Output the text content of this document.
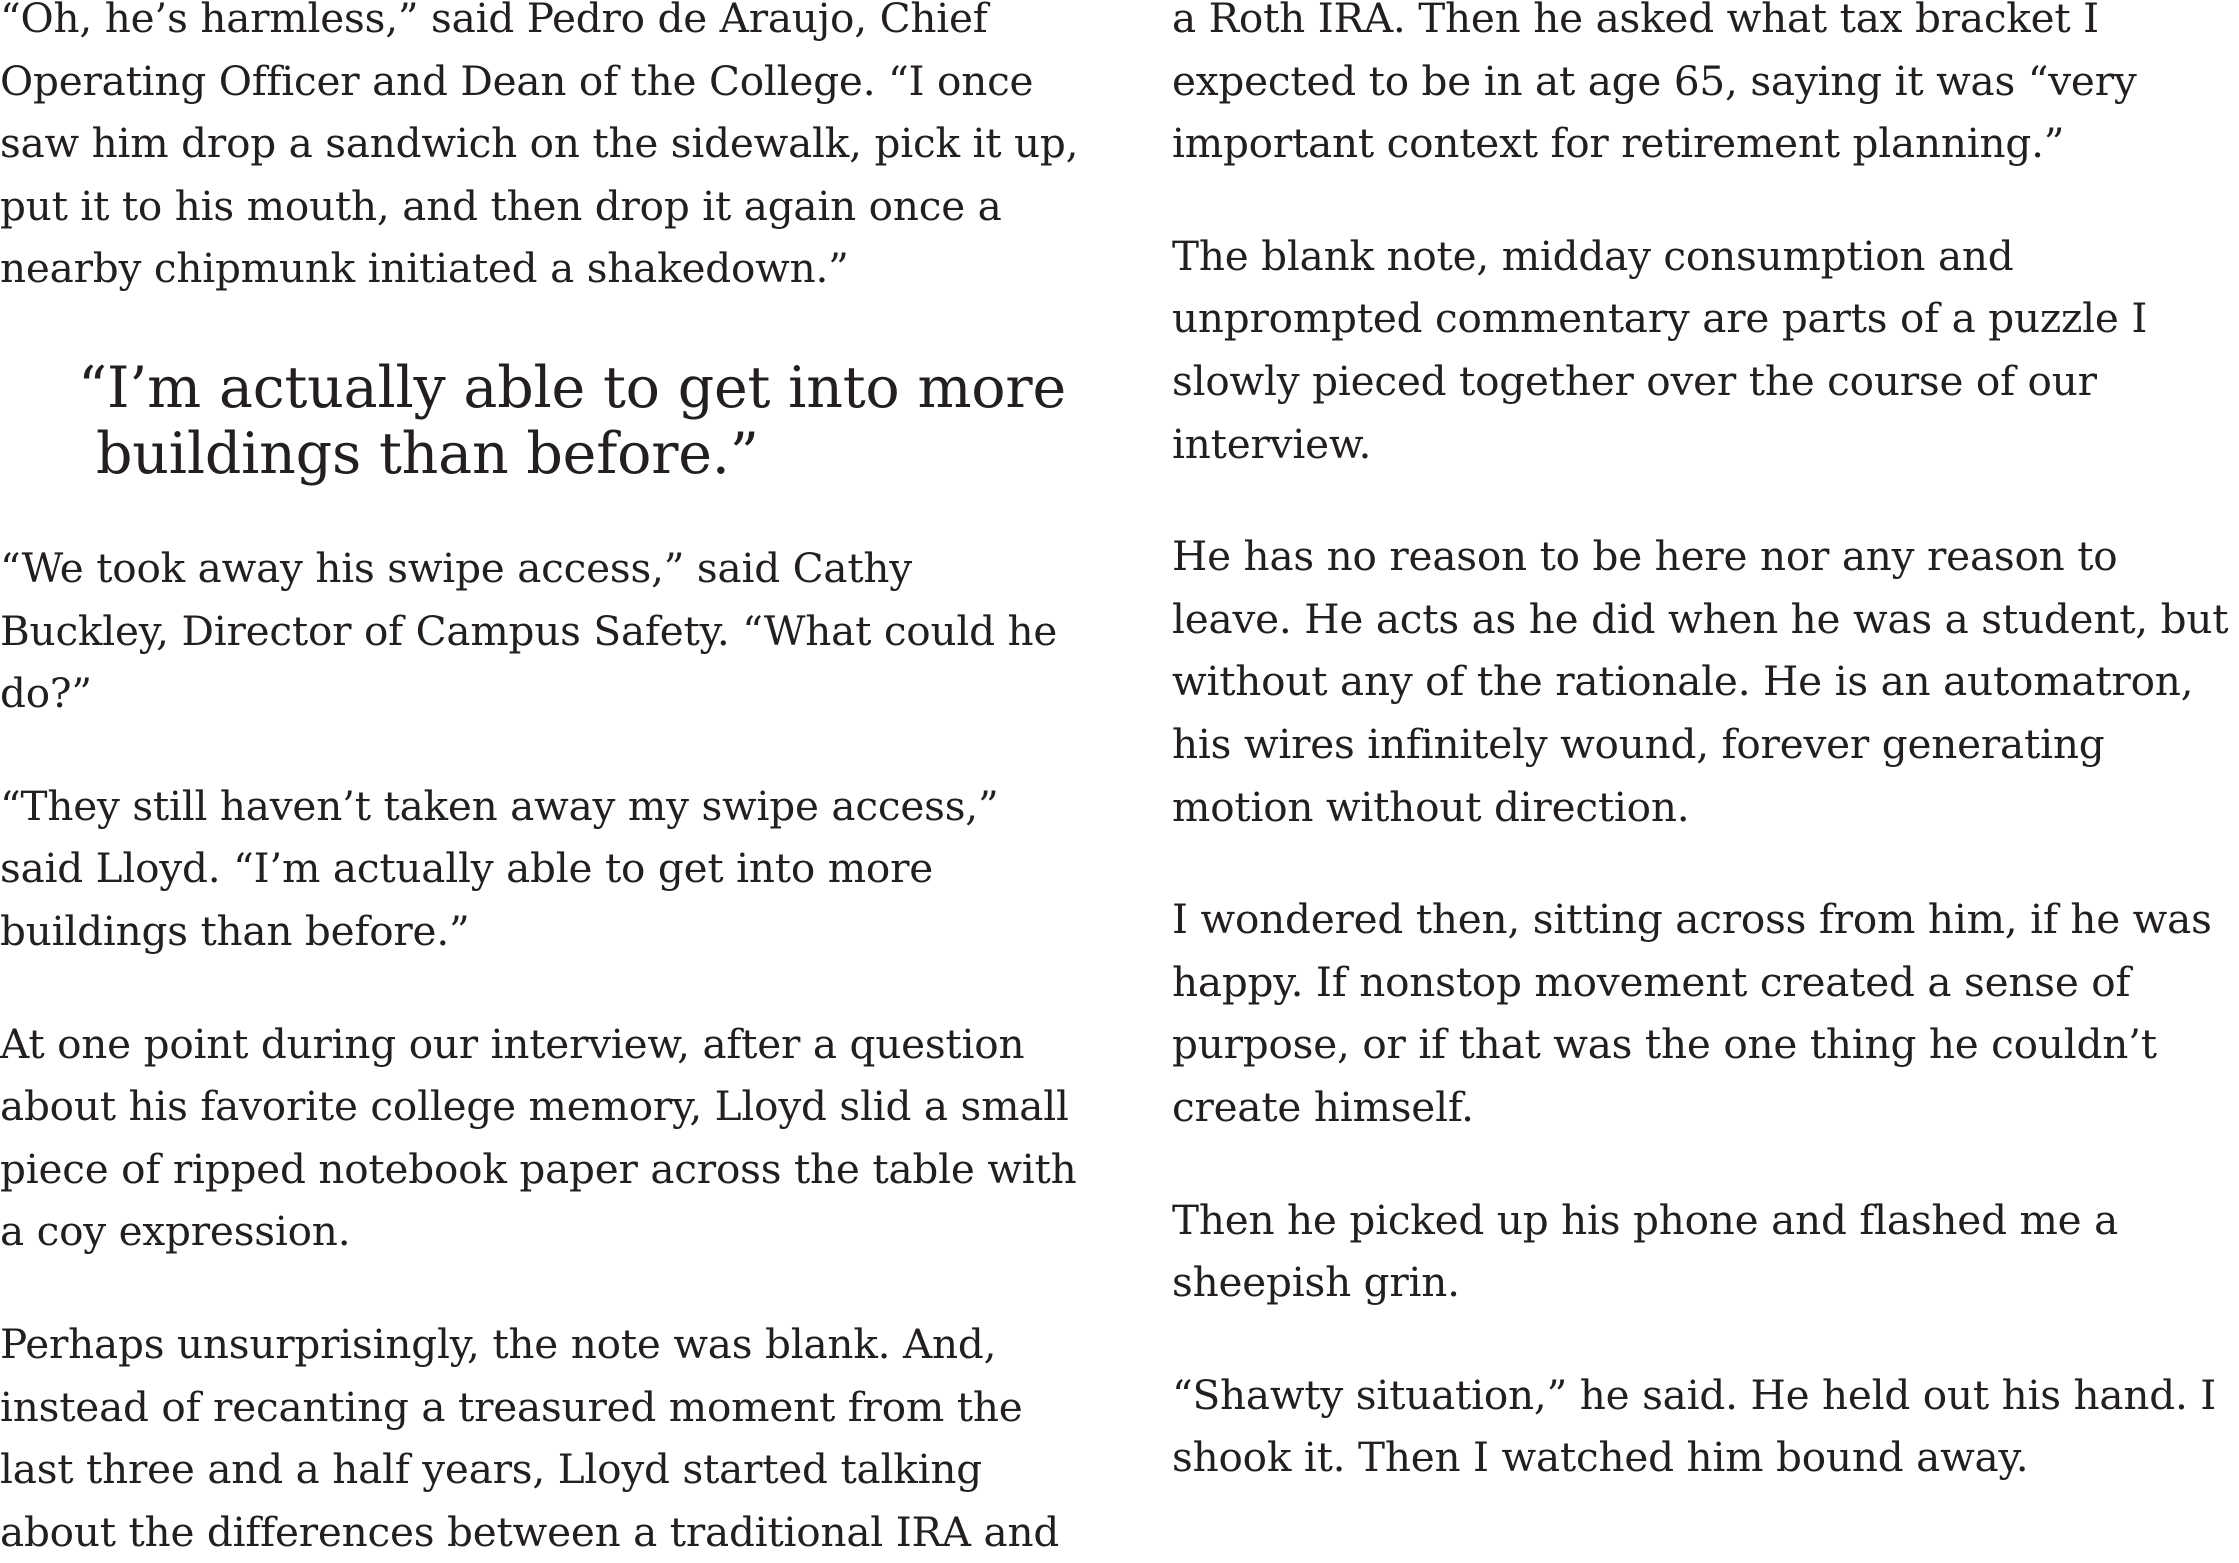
“Oh, he’s harmless,” said Pedro de Araujo, Chief Operating Officer and Dean of the College. “I once saw him drop a sandwich on the sidewalk, pick it up, put it to his mouth, and then drop it again once a nearby chipmunk initiated a shakedown.”

“I’m actually able to get into more
buildings than before.”

“We took away his swipe access,” said Cathy Buckley, Director of Campus Safety. “What could he do?”

“They still haven’t taken away my swipe access,” said Lloyd. “I’m actually able to get into more buildings than before.”

At one point during our interview, after a question about his favorite college memory, Lloyd slid a small piece of ripped notebook paper across the table with a coy expression.

Perhaps unsurprisingly, the note was blank. And, instead of recanting a treasured moment from the last three and a half years, Lloyd started talking about the differences between a traditional IRA and

a Roth IRA. Then he asked what tax bracket I expected to be in at age 65, saying it was “very important context for retirement planning.”

The blank note, midday consumption and unprompted commentary are parts of a puzzle I slowly pieced together over the course of our interview.

He has no reason to be here nor any reason to leave. He acts as he did when he was a student, but without any of the rationale. He is an automatron, his wires infinitely wound, forever generating motion without direction.

I wondered then, sitting across from him, if he was happy. If nonstop movement created a sense of purpose, or if that was the one thing he couldn’t create himself.

Then he picked up his phone and flashed me a sheepish grin.

“Shawty situation,” he said. He held out his hand. I shook it. Then I watched him bound away.
